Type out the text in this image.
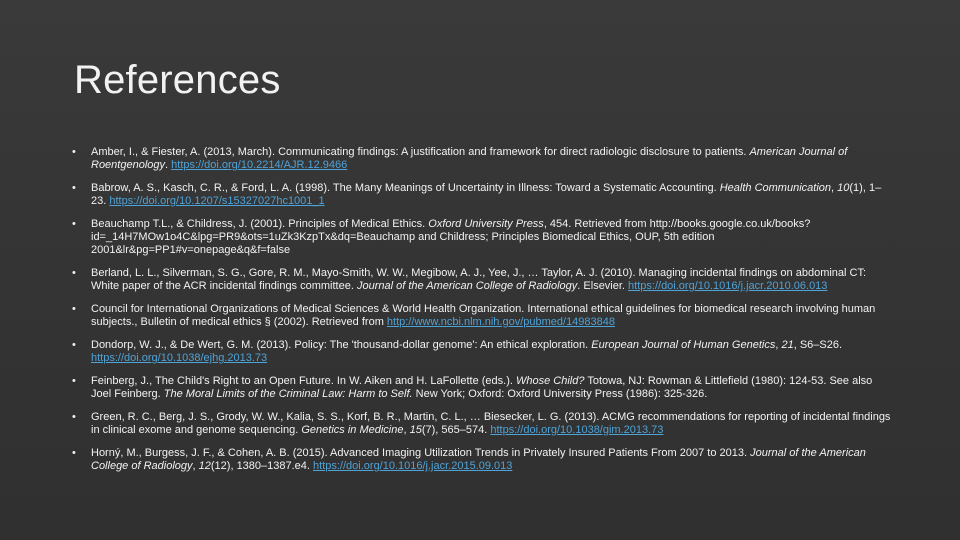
References
• Amber, I., & Fiester, A. (2013, March). Communicating findings: A justification and framework for direct radiologic disclosure to patients. American Journal of Roentgenology. https://doi.org/10.2214/AJR.12.9466
• Babrow, A. S., Kasch, C. R., & Ford, L. A. (1998). The Many Meanings of Uncertainty in Illness: Toward a Systematic Accounting. Health Communication, 10(1), 1–23. https://doi.org/10.1207/s15327027hc1001_1
• Beauchamp T.L., & Childress, J. (2001). Principles of Medical Ethics. Oxford University Press, 454. Retrieved from http://books.google.co.uk/books?id=_14H7MOw1o4C&lpg=PR9&ots=1uZk3KzpTx&dq=Beauchamp and Childress; Principles Biomedical Ethics, OUP, 5th edition 2001&lr&pg=PP1#v=onepage&q&f=false
• Berland, L. L., Silverman, S. G., Gore, R. M., Mayo-Smith, W. W., Megibow, A. J., Yee, J., … Taylor, A. J. (2010). Managing incidental findings on abdominal CT: White paper of the ACR incidental findings committee. Journal of the American College of Radiology. Elsevier. https://doi.org/10.1016/j.jacr.2010.06.013
• Council for International Organizations of Medical Sciences & World Health Organization. International ethical guidelines for biomedical research involving human subjects., Bulletin of medical ethics § (2002). Retrieved from http://www.ncbi.nlm.nih.gov/pubmed/14983848
• Dondorp, W. J., & De Wert, G. M. (2013). Policy: The 'thousand-dollar genome': An ethical exploration. European Journal of Human Genetics, 21, S6–S26. https://doi.org/10.1038/ejhg.2013.73
• Feinberg, J., The Child's Right to an Open Future. In W. Aiken and H. LaFollette (eds.). Whose Child? Totowa, NJ: Rowman & Littlefield (1980): 124-53. See also Joel Feinberg. The Moral Limits of the Criminal Law: Harm to Self. New York; Oxford: Oxford University Press (1986): 325-326.
• Green, R. C., Berg, J. S., Grody, W. W., Kalia, S. S., Korf, B. R., Martin, C. L., … Biesecker, L. G. (2013). ACMG recommendations for reporting of incidental findings in clinical exome and genome sequencing. Genetics in Medicine, 15(7), 565–574. https://doi.org/10.1038/gim.2013.73
• Horný, M., Burgess, J. F., & Cohen, A. B. (2015). Advanced Imaging Utilization Trends in Privately Insured Patients From 2007 to 2013. Journal of the American College of Radiology, 12(12), 1380–1387.e4. https://doi.org/10.1016/j.jacr.2015.09.013
